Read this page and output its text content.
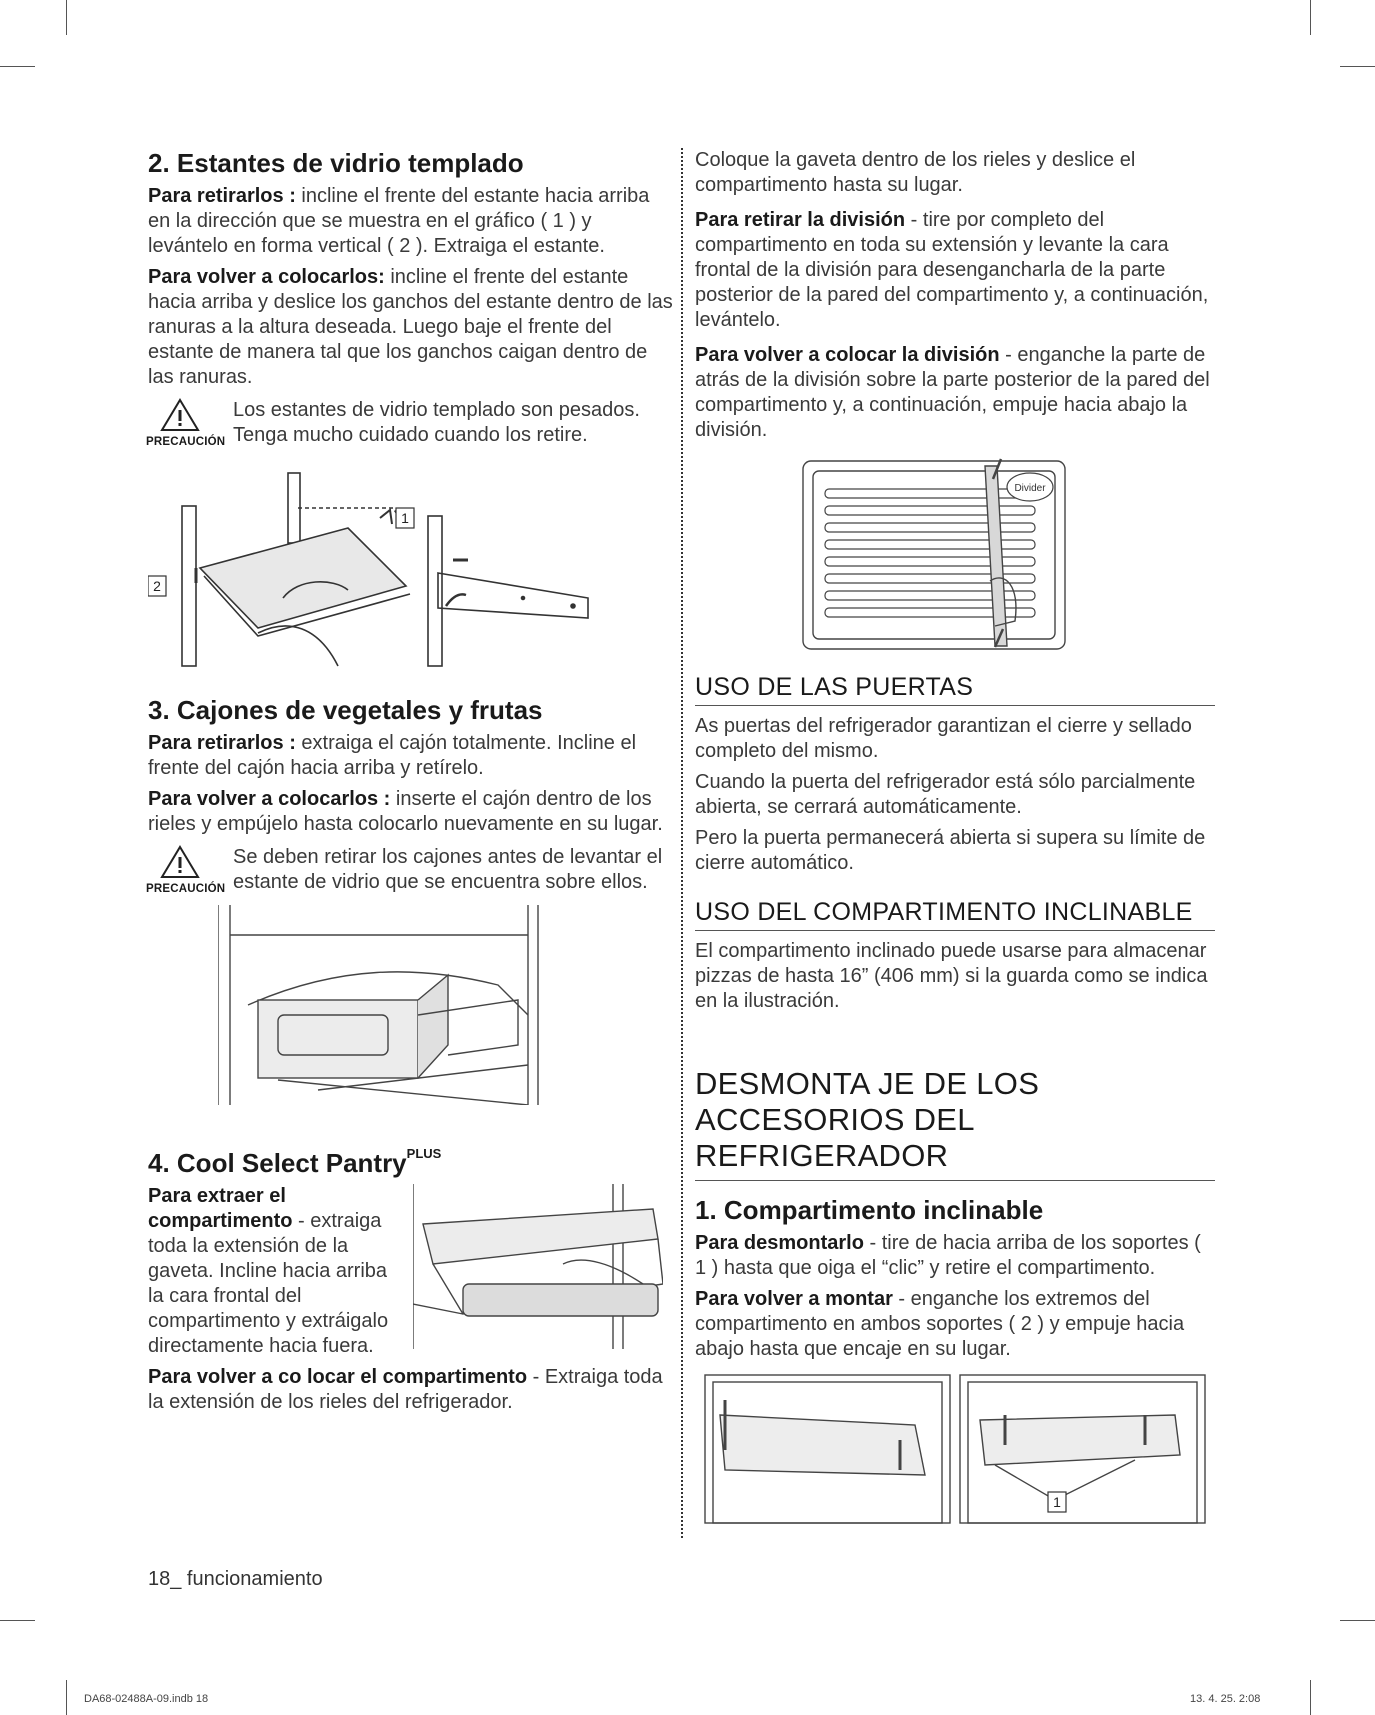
2. Estantes de vidrio templado

Para retirarlos : incline el frente del estante hacia arriba en la dirección que se muestra en el gráfico ( 1 ) y levántelo en forma vertical ( 2 ). Extraiga el estante.

Para volver a colocarlos: incline el frente del estante hacia arriba y deslice los ganchos del estante dentro de las ranuras a la altura deseada. Luego baje el frente del estante de manera tal que los ganchos caigan dentro de las ranuras.

PRECAUCIÓN
Los estantes de vidrio templado son pesados. Tenga mucho cuidado cuando los retire.
1
2
3. Cajones de vegetales y frutas

Para retirarlos : extraiga el cajón totalmente. Incline el frente del cajón hacia arriba y retírelo.

Para volver a colocarlos : inserte el cajón dentro de los rieles y empújelo hasta colocarlo nuevamente en su lugar.

PRECAUCIÓN
Se deben retirar los cajones antes de levantar el estante de vidrio que se encuentra sobre ellos.
4. Cool Select Pantry$^{PLUS}$

Para extraer el compartimento - extraiga toda la extensión de la gaveta. Incline hacia arriba la cara frontal del compartimento y extráigalo directamente hacia fuera.

Para volver a co locar el compartimento - Extraiga toda la extensión de los rieles del refrigerador.

Coloque la gaveta dentro de los rieles y deslice el compartimento hasta su lugar.

Para retirar la división - tire por completo del compartimento en toda su extensión y levante la cara frontal de la división para desengancharla de la parte posterior de la pared del compartimento y, a continuación, levántelo.

Para volver a colocar la división - enganche la parte de atrás de la división sobre la parte posterior de la pared del compartimento y, a continuación, empuje hacia abajo la división.

Divider
USO DE LAS PUERTAS

As puertas del refrigerador garantizan el cierre y sellado completo del mismo.

Cuando la puerta del refrigerador está sólo parcialmente abierta, se cerrará automáticamente.

Pero la puerta permanecerá abierta si supera su límite de cierre automático.

USO DEL COMPARTIMENTO INCLINABLE

El compartimento inclinado puede usarse para almacenar pizzas de hasta 16” (406 mm) si la guarda como se indica en la ilustración.

DESMONTA JE DE LOS
ACCESORIOS DEL REFRIGERADOR
1. Compartimento inclinable

Para desmontarlo - tire de hacia arriba de los soportes ( 1 ) hasta que oiga el “clic” y retire el compartimento.

Para volver a montar - enganche los extremos del compartimento en ambos soportes ( 2 ) y empuje hacia abajo hasta que encaje en su lugar.

1
18_ funcionamiento
DA68-02488A-09.indb 18	13. 4. 25. 2:08
